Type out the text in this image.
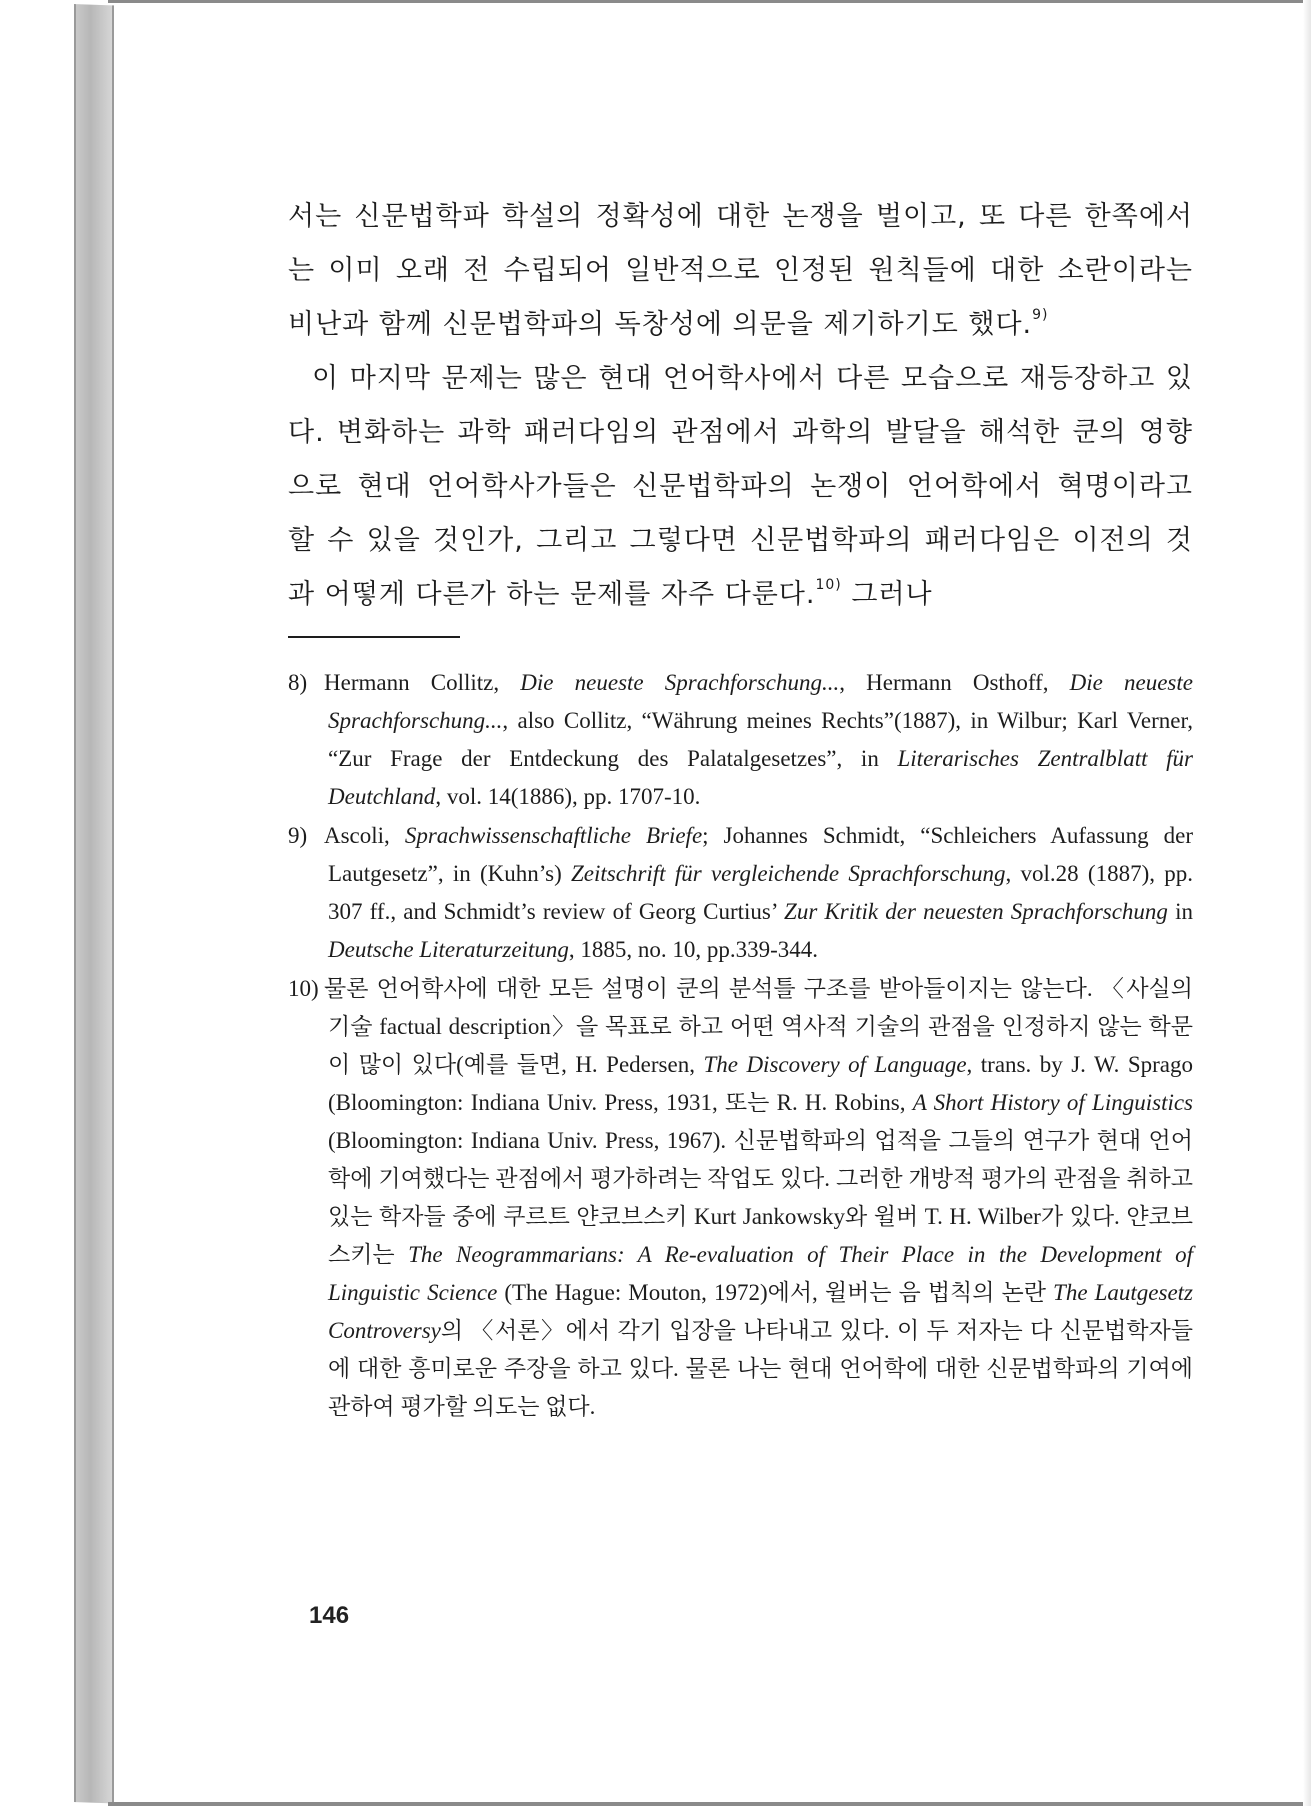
서는 신문법학파 학설의 정확성에 대한 논쟁을 벌이고, 또 다른 한쪽에서는 이미 오래 전 수립되어 일반적으로 인정된 원칙들에 대한 소란이라는 비난과 함께 신문법학파의 독창성에 의문을 제기하기도 했다.$^{9)}$

이 마지막 문제는 많은 현대 언어학사에서 다른 모습으로 재등장하고 있다. 변화하는 과학 패러다임의 관점에서 과학의 발달을 해석한 쿤의 영향으로 현대 언어학사가들은 신문법학파의 논쟁이 언어학에서 혁명이라고 할 수 있을 것인가, 그리고 그렇다면 신문법학파의 패러다임은 이전의 것과 어떻게 다른가 하는 문제를 자주 다룬다.$^{10)}$ 그러나

8) Hermann Collitz, Die neueste Sprachforschung..., Hermann Osthoff, Die neueste Sprachforschung..., also Collitz, “Währung meines Rechts”(1887), in Wilbur; Karl Verner, “Zur Frage der Entdeckung des Palatalgesetzes”, in Literarisches Zentralblatt für Deutchland, vol. 14(1886), pp. 1707-10.

9) Ascoli, Sprachwissenschaftliche Briefe; Johannes Schmidt, “Schleichers Aufassung der Lautgesetz”, in (Kuhn’s) Zeitschrift für vergleichende Sprachforschung, vol.28 (1887), pp. 307 ff., and Schmidt’s review of Georg Curtius’ Zur Kritik der neuesten Sprachforschung in Deutsche Literaturzeitung, 1885, no. 10, pp.339-344.

10) 물론 언어학사에 대한 모든 설명이 쿤의 분석틀 구조를 받아들이지는 않는다. 〈사실의 기술 factual description〉을 목표로 하고 어떤 역사적 기술의 관점을 인정하지 않는 학문이 많이 있다(예를 들면, H. Pedersen, The Discovery of Language, trans. by J. W. Sprago (Bloomington: Indiana Univ. Press, 1931, 또는 R. H. Robins, A Short History of Linguistics (Bloomington: Indiana Univ. Press, 1967). 신문법학파의 업적을 그들의 연구가 현대 언어학에 기여했다는 관점에서 평가하려는 작업도 있다. 그러한 개방적 평가의 관점을 취하고 있는 학자들 중에 쿠르트 얀코브스키 Kurt Jankowsky와 윌버 T. H. Wilber가 있다. 얀코브스키는 The Neogrammarians: A Re-evaluation of Their Place in the Development of Linguistic Science (The Hague: Mouton, 1972)에서, 윌버는 음 법칙의 논란 The Lautgesetz Controversy의 〈서론〉에서 각기 입장을 나타내고 있다. 이 두 저자는 다 신문법학자들에 대한 흥미로운 주장을 하고 있다. 물론 나는 현대 언어학에 대한 신문법학파의 기여에 관하여 평가할 의도는 없다.

146
